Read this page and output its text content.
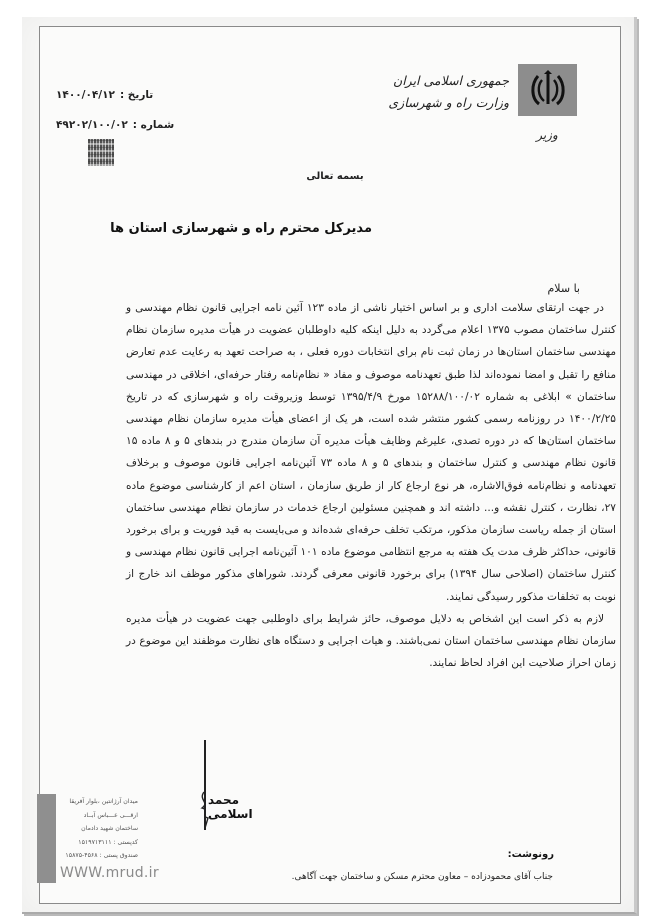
جمهوری اسلامی ایران
وزارت راه و شهرسازی
وزیر
تاریخ :
۱۴۰۰/۰۴/۱۲
شماره :
۴۹۲۰۲/۱۰۰/۰۲
بسمه تعالی
مدیرکل محترم راه و شهرسازی استان ها
با سلام

در جهت ارتقای سلامت اداری و بر اساس اختیار ناشی از ماده ۱۲۳ آئین نامه اجرایی قانون نظام مهندسی و کنترل ساختمان مصوب ۱۳۷۵ اعلام می‌گردد به دلیل اینکه کلیه داوطلبان عضویت در هیأت مدیره سازمان نظام مهندسی ساختمان استان‌ها در زمان ثبت نام برای انتخابات دوره فعلی ، به صراحت تعهد به رعایت عدم تعارض منافع را تقبل و امضا نموده‌اند لذا طبق تعهدنامه موصوف و مفاد « نظام‌نامه رفتار حرفه‌ای، اخلاقی در مهندسی ساختمان » ابلاغی به شماره ۱۵۲۸۸/۱۰۰/۰۲ مورخ ۱۳۹۵/۴/۹ توسط وزیروقت راه و شهرسازی که در تاریخ ۱۴۰۰/۲/۲۵ در روزنامه رسمی کشور منتشر شده است، هر یک از اعضای هیأت مدیره سازمان نظام مهندسی ساختمان استان‌ها که در دوره تصدی، علیرغم وظایف هیأت مدیره آن سازمان مندرج در بندهای ۵ و ۸ ماده ۱۵ قانون نظام مهندسی و کنترل ساختمان و بندهای ۵ و ۸ ماده ۷۳ آئین‌نامه اجرایی قانون موصوف و برخلاف تعهدنامه و نظام‌نامه فوق‌الاشاره، هر نوع ارجاع کار از طریق سازمان ، استان اعم از کارشناسی موضوع ماده ۲۷، نظارت ، کنترل نقشه و... داشته اند و همچنین مسئولین ارجاع خدمات در سازمان نظام مهندسی ساختمان استان از جمله ریاست سازمان مذکور، مرتکب تخلف حرفه‌ای شده‌اند و می‌بایست به قید فوریت و برای برخورد قانونی، حداکثر ظرف مدت یک هفته به مرجع انتظامی موضوع ماده ۱۰۱ آئین‌نامه اجرایی قانون نظام مهندسی و کنترل ساختمان (اصلاحی سال ۱۳۹۴) برای برخورد قانونی معرفی گردند. شوراهای مذکور موظف اند خارج از نوبت به تخلفات مذکور رسیدگی نمایند.

لازم به ذکر است این اشخاص به دلایل موصوف، حائز شرایط برای داوطلبی جهت عضویت در هیأت مدیره سازمان نظام مهندسی ساختمان استان نمی‌باشند. و هیات اجرایی و دستگاه های نظارت موظفند این موضوع در زمان احراز صلاحیت این افراد لحاظ نمایند.

محمد اسلامی
رونوشت:
جناب آقای محمودزاده – معاون محترم مسکن و ساختمان جهت آگاهی.
میدان آرژانتین ،بلوار آفریقا
ارقـــی عـــباس آبــاد
ساختمان شهید دادمان
کدپستی : ۱۵۱۹۷۱۳۱۱۱
صندوق پستی : ۴۵۶۸-۱۵۸۷۵
WWW.mrud.ir
